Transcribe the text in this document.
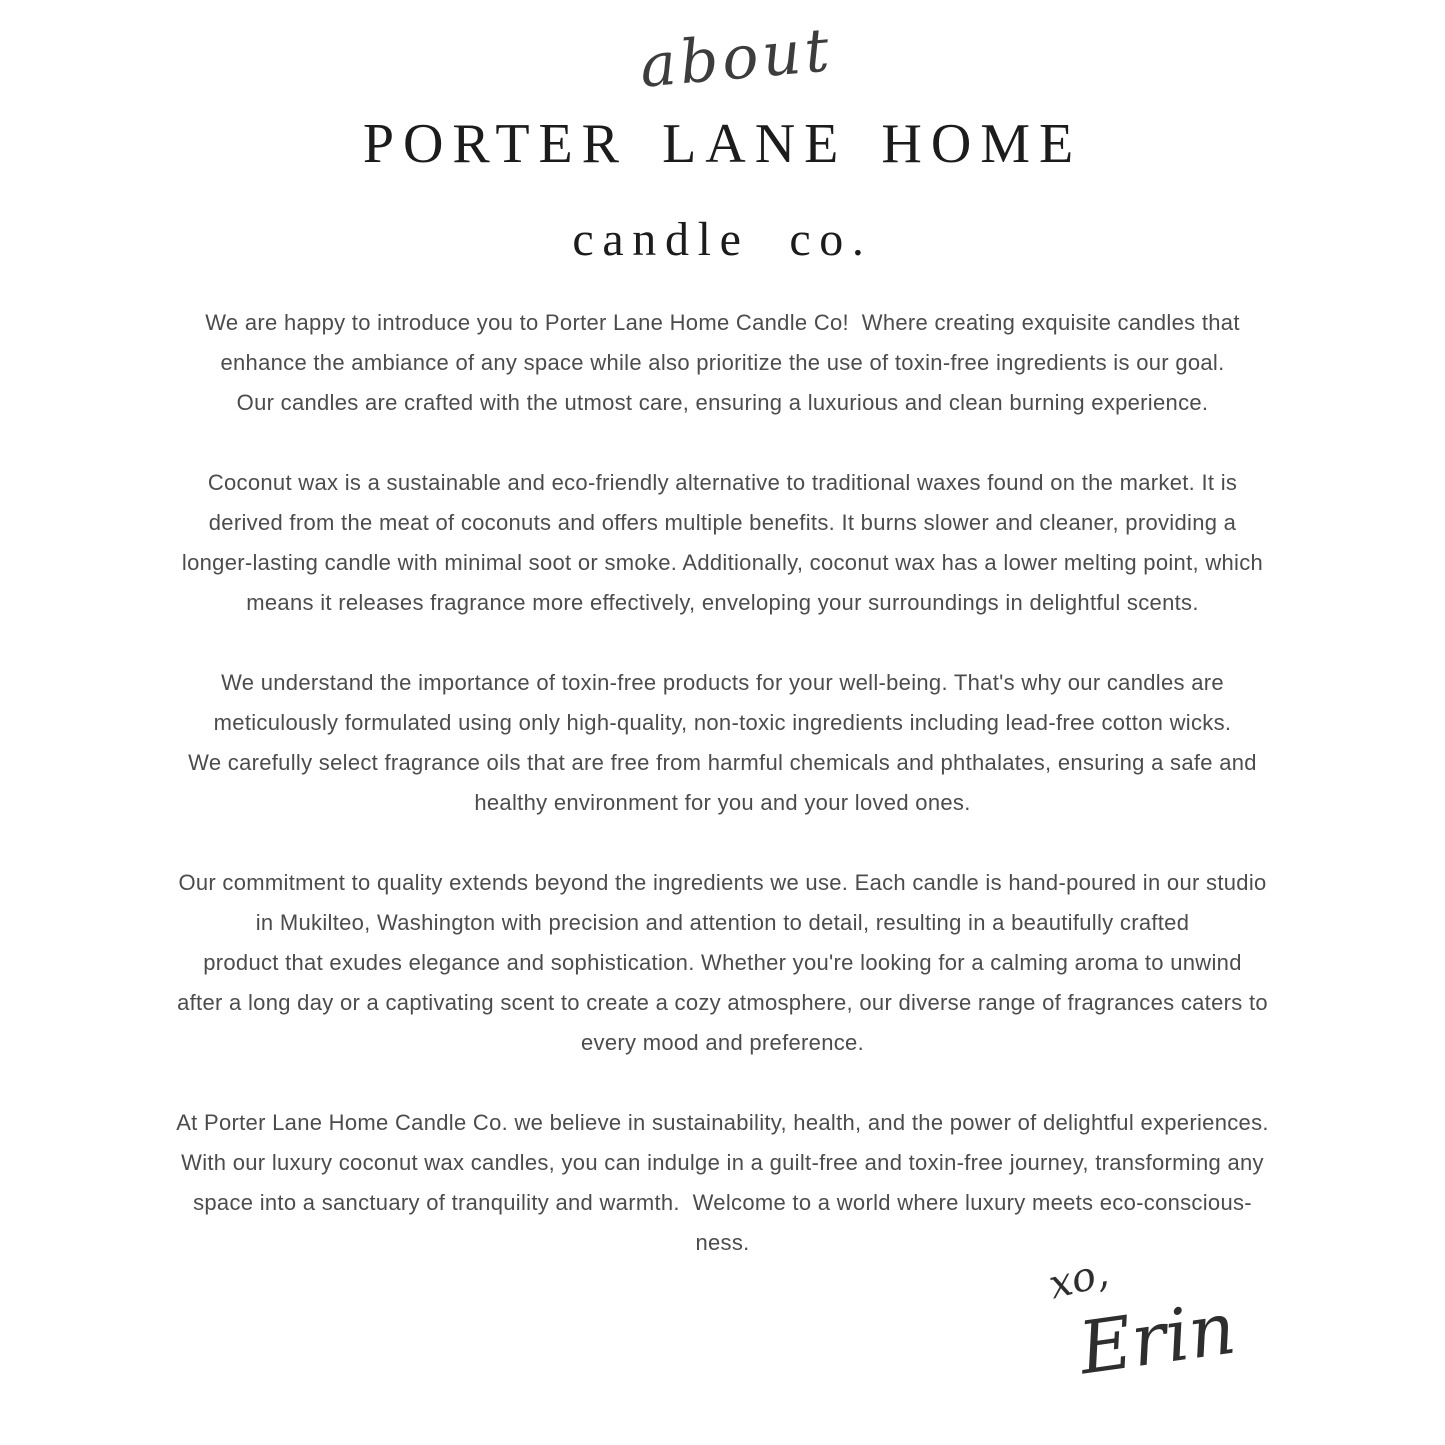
about
PORTER LANE HOME
candle co.

We are happy to introduce you to Porter Lane Home Candle Co!  Where creating exquisite candles that
enhance the ambiance of any space while also prioritize the use of toxin-free ingredients is our goal.
Our candles are crafted with the utmost care, ensuring a luxurious and clean burning experience.

Coconut wax is a sustainable and eco-friendly alternative to traditional waxes found on the market. It is
derived from the meat of coconuts and offers multiple benefits. It burns slower and cleaner, providing a
longer-lasting candle with minimal soot or smoke. Additionally, coconut wax has a lower melting point, which
means it releases fragrance more effectively, enveloping your surroundings in delightful scents.

We understand the importance of toxin-free products for your well-being. That's why our candles are
meticulously formulated using only high-quality, non-toxic ingredients including lead-free cotton wicks.
We carefully select fragrance oils that are free from harmful chemicals and phthalates, ensuring a safe and
healthy environment for you and your loved ones.

Our commitment to quality extends beyond the ingredients we use. Each candle is hand-poured in our studio
in Mukilteo, Washington with precision and attention to detail, resulting in a beautifully crafted
product that exudes elegance and sophistication. Whether you're looking for a calming aroma to unwind
after a long day or a captivating scent to create a cozy atmosphere, our diverse range of fragrances caters to
every mood and preference.

At Porter Lane Home Candle Co. we believe in sustainability, health, and the power of delightful experiences.
With our luxury coconut wax candles, you can indulge in a guilt-free and toxin-free journey, transforming any
space into a sanctuary of tranquility and warmth.  Welcome to a world where luxury meets eco-conscious-
ness.

xo,
Erin
